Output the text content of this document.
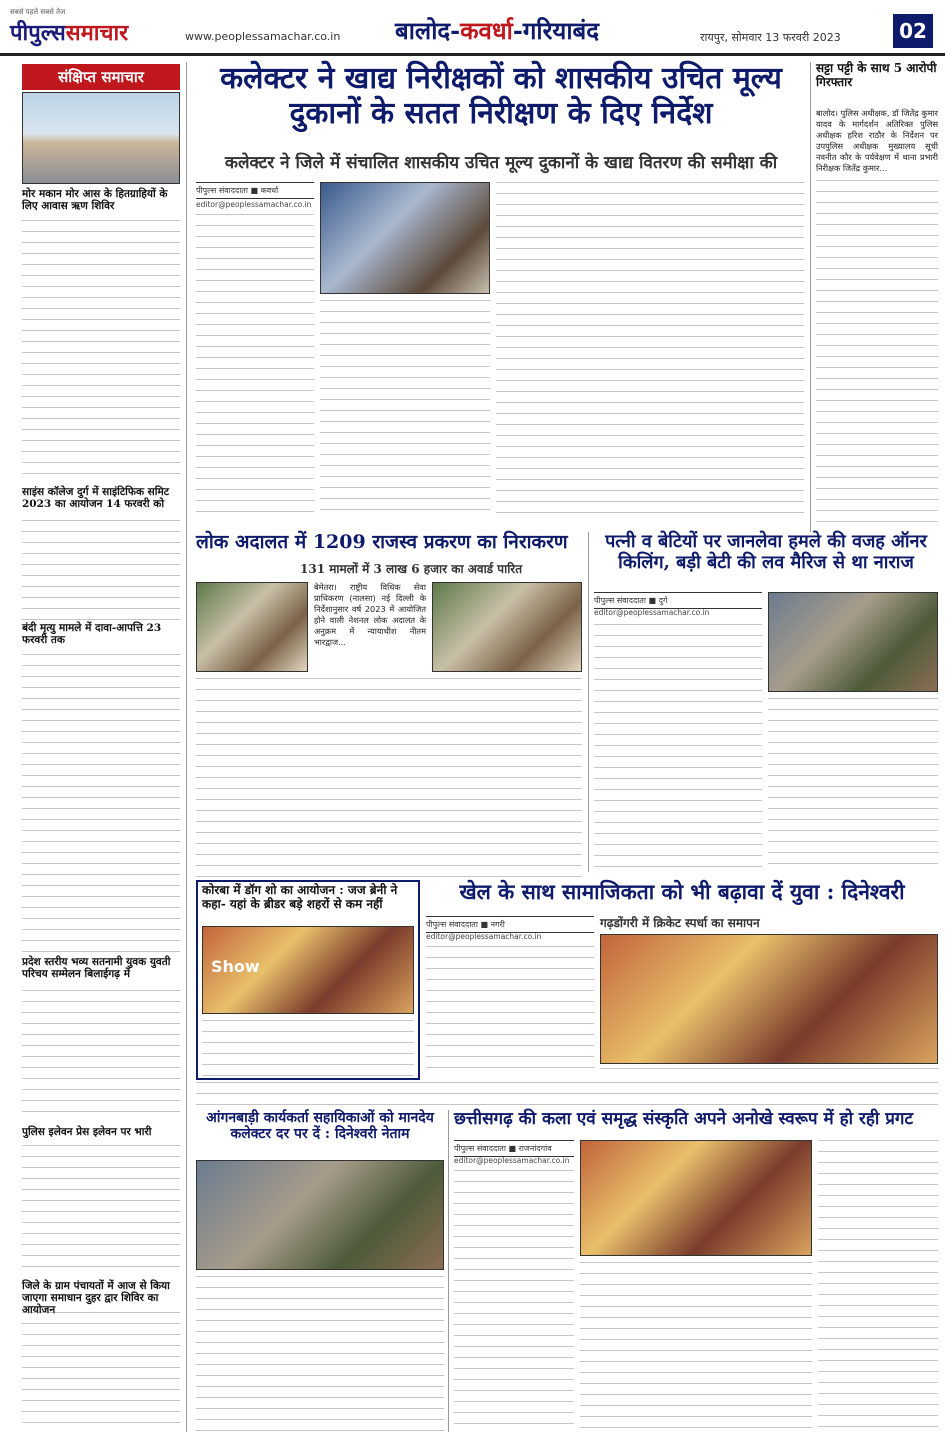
सबसे पहले सबसे तेज
पीपुल्ससमाचार	www.peoplessamachar.co.in बालोद-कवर्धा-गरियाबंद	रायपुर, सोमवार 13 फरवरी 2023	02
संक्षिप्त समाचार
मोर मकान मोर आस के हितग्राहियों के लिए आवास ऋण शिविर
साइंस कॉलेज दुर्ग में साइंटिफिक समिट 2023 का आयोजन 14 फरवरी को
बंदी मृत्यु मामले में दावा-आपत्ति 23 फरवरी तक
प्रदेश स्तरीय भव्य सतनामी युवक युवती परिचय सम्मेलन बिलाईगढ़ में
पुलिस इलेवन प्रेस इलेवन पर भारी
जिले के ग्राम पंचायतों में आज से किया जाएगा समाधान दुहर द्वार शिविर का आयोजन
कलेक्टर ने खाद्य निरीक्षकों को शासकीय उचित मूल्य दुकानों के सतत निरीक्षण के दिए निर्देश
कलेक्टर ने जिले में संचालित शासकीय उचित मूल्य दुकानों के खाद्य वितरण की समीक्षा की
पीपुल्स संवाददाता ■ कवर्धा
editor@peoplessamachar.co.in
सट्टा पट्टी के साथ 5 आरोपी गिरफ्तार
बालोद। पुलिस अधीक्षक, डॉ जितेंद्र कुमार यादव के मार्गदर्शन अतिरिक्त पुलिस अधीक्षक हरिश राठौर के निर्देशन पर उपपुलिस अधीक्षक मुख्यालय सूची नवनीत कौर के पर्यवेक्षण में थाना प्रभारी निरीक्षक जितेंद्र कुमार...
लोक अदालत में 1209 राजस्व प्रकरण का निराकरण
131 मामलों में 3 लाख 6 हजार का अवार्ड पारित
बेमेतरा। राष्ट्रीय विधिक सेवा प्राधिकरण (नालसा) नई दिल्ली के निर्देशानुसार वर्ष 2023 में आयोजित होने वाली नेशनल लोक अदालत के अनुक्रम में न्यायाधीश नीतम भारद्वाज...
पत्नी व बेटियों पर जानलेवा हमले की वजह ऑनर किलिंग, बड़ी बेटी की लव मैरिज से था नाराज
पीपुल्स संवाददाता ■ दुर्ग
editor@peoplessamachar.co.in
कोरबा में डॉग शो का आयोजन : जज ब्रेनी ने कहा- यहां के ब्रीडर बड़े शहरों से कम नहीं
Show
खेल के साथ सामाजिकता को भी बढ़ावा दें युवा : दिनेश्वरी
गढ़डोंगरी में क्रिकेट स्पर्धा का समापन
पीपुल्स संवाददाता ■ नगरी
editor@peoplessamachar.co.in
आंगनबाड़ी कार्यकर्ता सहायिकाओं को मानदेय कलेक्टर दर पर दें : दिनेश्वरी नेताम
छत्तीसगढ़ की कला एवं समृद्ध संस्कृति अपने अनोखे स्वरूप में हो रही प्रगट
पीपुल्स संवाददाता ■ राजनांदगांव
editor@peoplessamachar.co.in
